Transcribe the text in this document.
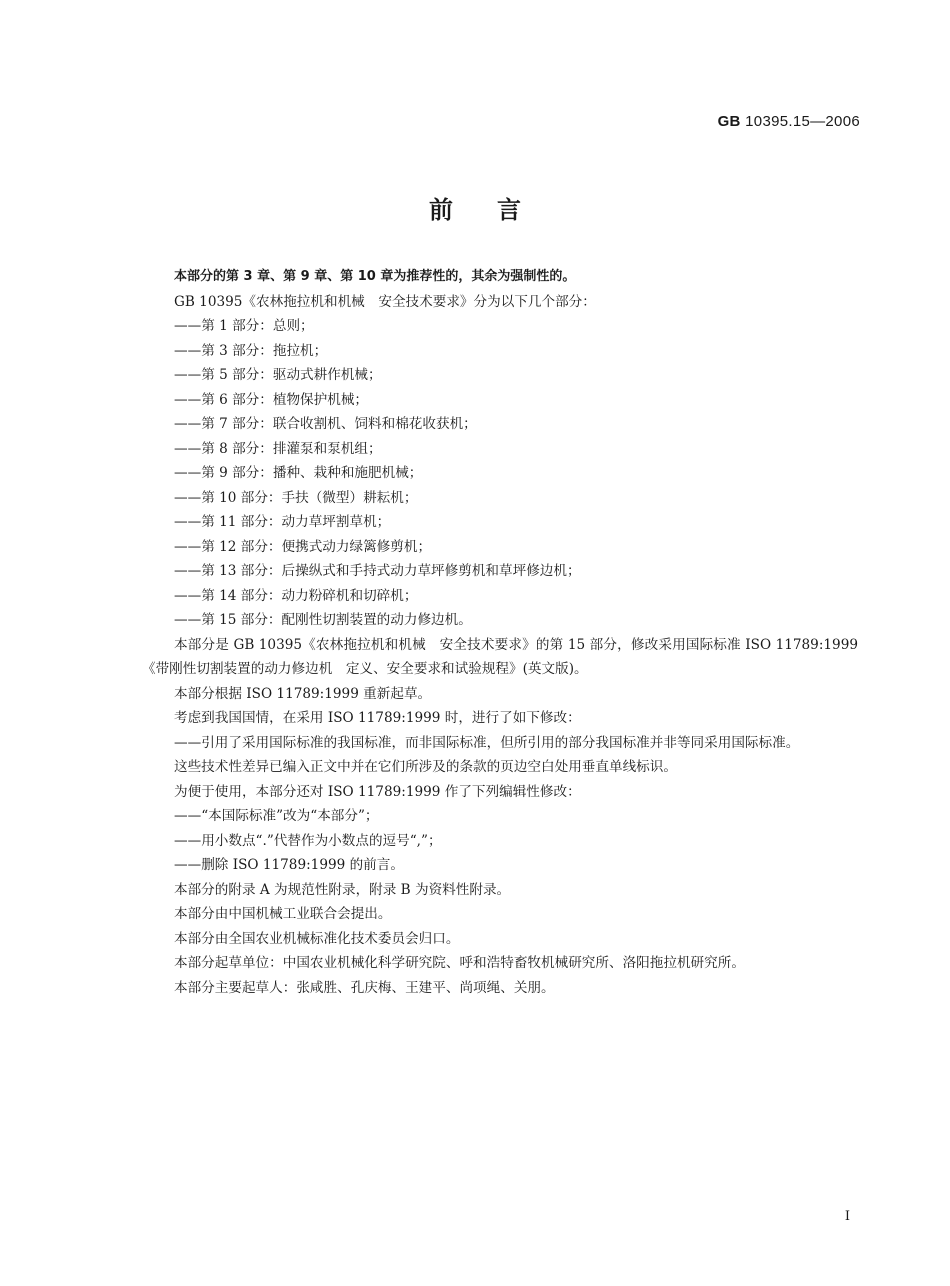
GB 10395.15—2006
前言

本部分的第 3 章、第 9 章、第 10 章为推荐性的，其余为强制性的。

GB 10395《农林拖拉机和机械　安全技术要求》分为以下几个部分：

——第 1 部分：总则；

——第 3 部分：拖拉机；

——第 5 部分：驱动式耕作机械；

——第 6 部分：植物保护机械；

——第 7 部分：联合收割机、饲料和棉花收获机；

——第 8 部分：排灌泵和泵机组；

——第 9 部分：播种、栽种和施肥机械；

——第 10 部分：手扶（微型）耕耘机；

——第 11 部分：动力草坪割草机；

——第 12 部分：便携式动力绿篱修剪机；

——第 13 部分：后操纵式和手持式动力草坪修剪机和草坪修边机；

——第 14 部分：动力粉碎机和切碎机；

——第 15 部分：配刚性切割装置的动力修边机。

本部分是 GB 10395《农林拖拉机和机械　安全技术要求》的第 15 部分，修改采用国际标准 ISO 11789:1999《带刚性切割装置的动力修边机　定义、安全要求和试验规程》(英文版)。

本部分根据 ISO 11789:1999 重新起草。

考虑到我国国情，在采用 ISO 11789:1999 时，进行了如下修改：

——引用了采用国际标准的我国标准，而非国际标准，但所引用的部分我国标准并非等同采用国际标准。

这些技术性差异已编入正文中并在它们所涉及的条款的页边空白处用垂直单线标识。

为便于使用，本部分还对 ISO 11789:1999 作了下列编辑性修改：

——“本国际标准”改为“本部分”；

——用小数点“.”代替作为小数点的逗号“,”；

——删除 ISO 11789:1999 的前言。

本部分的附录 A 为规范性附录，附录 B 为资料性附录。

本部分由中国机械工业联合会提出。

本部分由全国农业机械标准化技术委员会归口。

本部分起草单位：中国农业机械化科学研究院、呼和浩特畜牧机械研究所、洛阳拖拉机研究所。

本部分主要起草人：张咸胜、孔庆梅、王建平、尚项绳、关朋。

I
